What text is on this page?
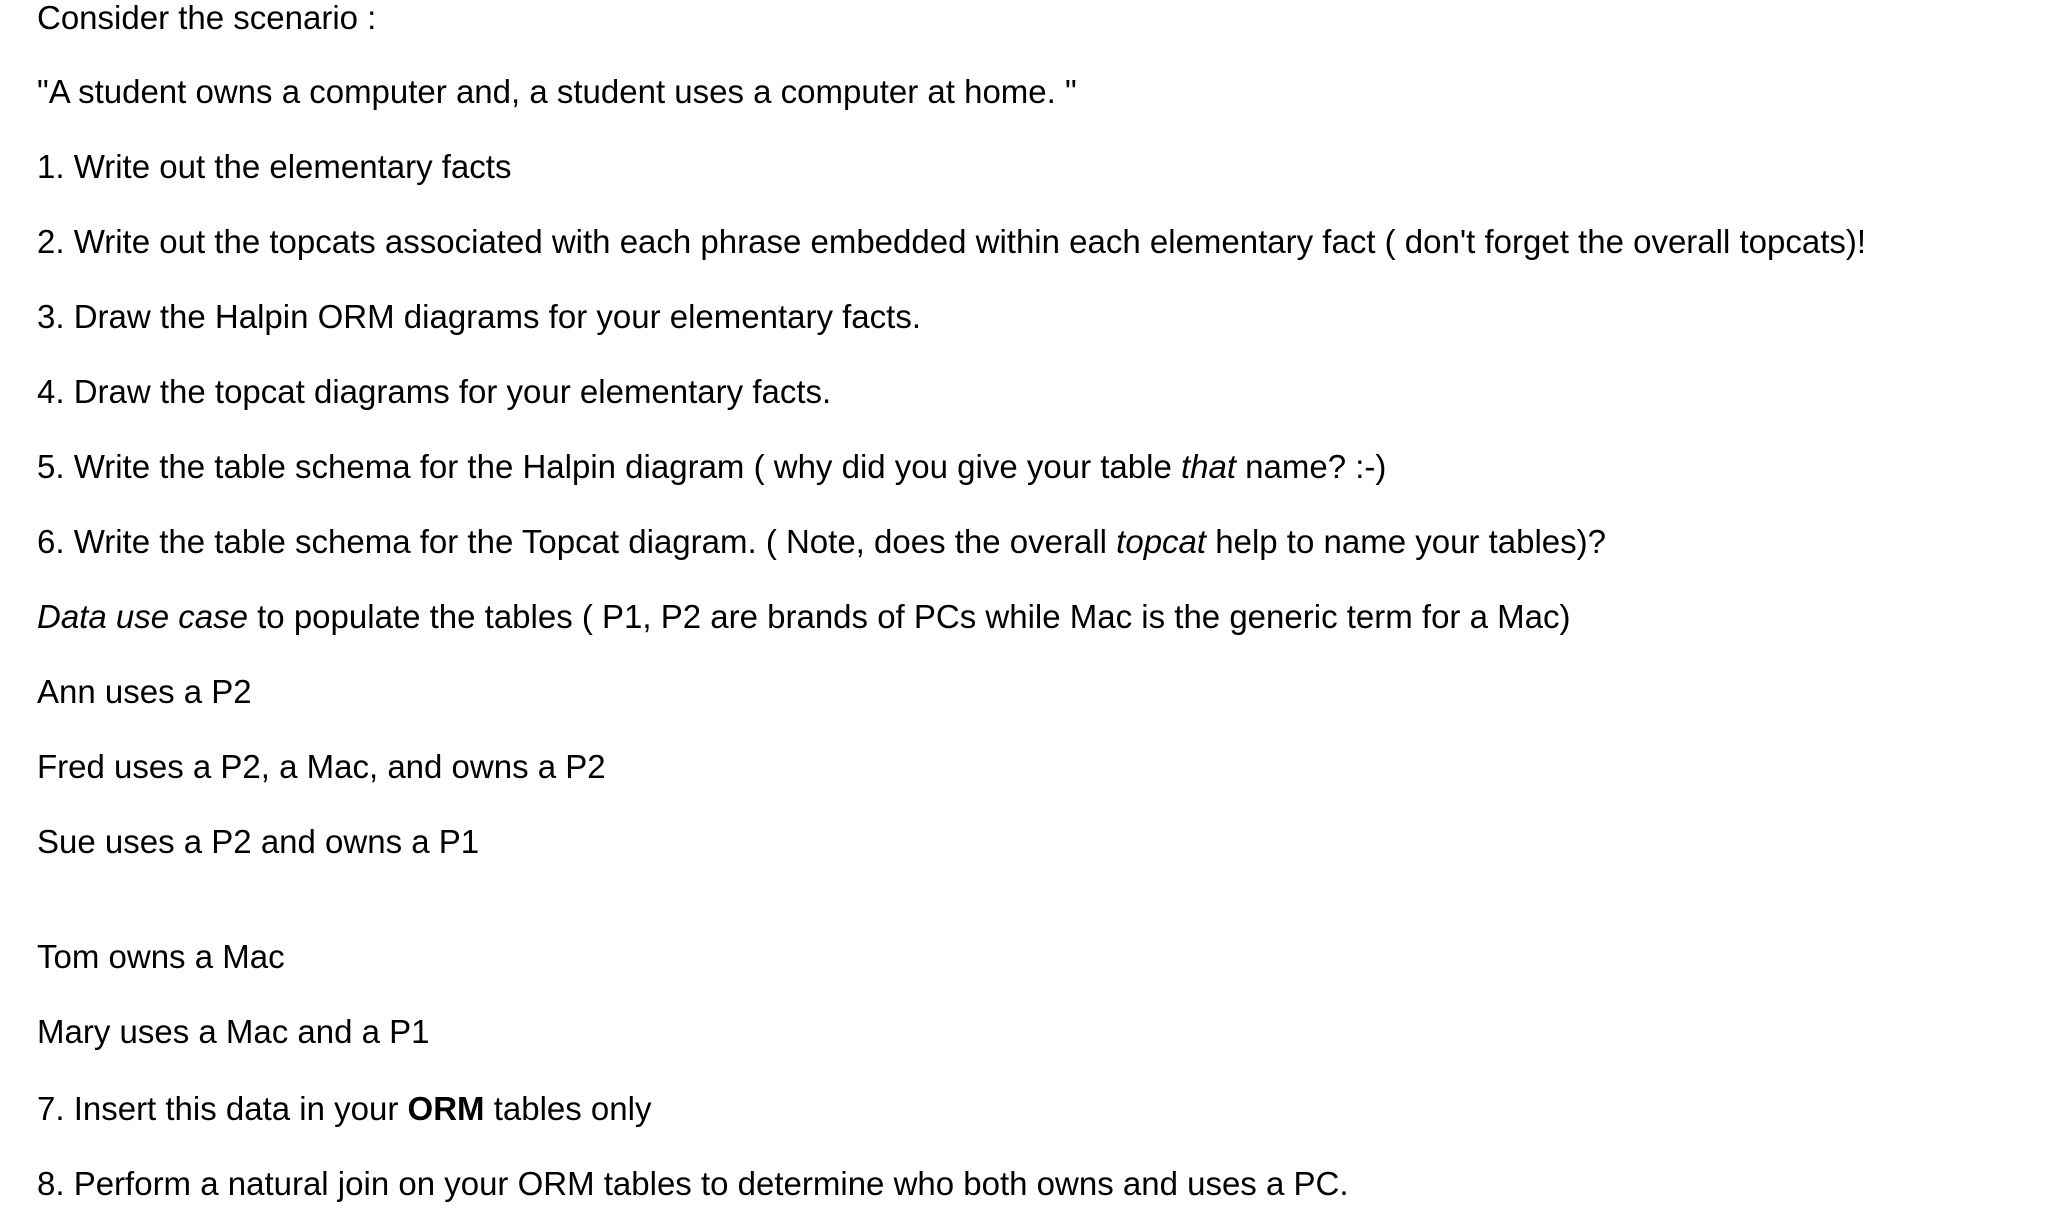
Consider the scenario :

"A student owns a computer and, a student uses a computer at home. "

1. Write out the elementary facts

2. Write out the topcats associated with each phrase embedded within each elementary fact ( don't forget the overall topcats)!

3. Draw the Halpin ORM diagrams for your elementary facts.

4. Draw the topcat diagrams for your elementary facts.

5. Write the table schema for the Halpin diagram ( why did you give your table that name? :-)

6. Write the table schema for the Topcat diagram. ( Note, does the overall topcat help to name your tables)?

Data use case to populate the tables ( P1, P2 are brands of PCs while Mac is the generic term for a Mac)

Ann uses a P2

Fred uses a P2, a Mac, and owns a P2

Sue uses a P2 and owns a P1

Tom owns a Mac

Mary uses a Mac and a P1

7. Insert this data in your ORM tables only

8. Perform a natural join on your ORM tables to determine who both owns and uses a PC.
